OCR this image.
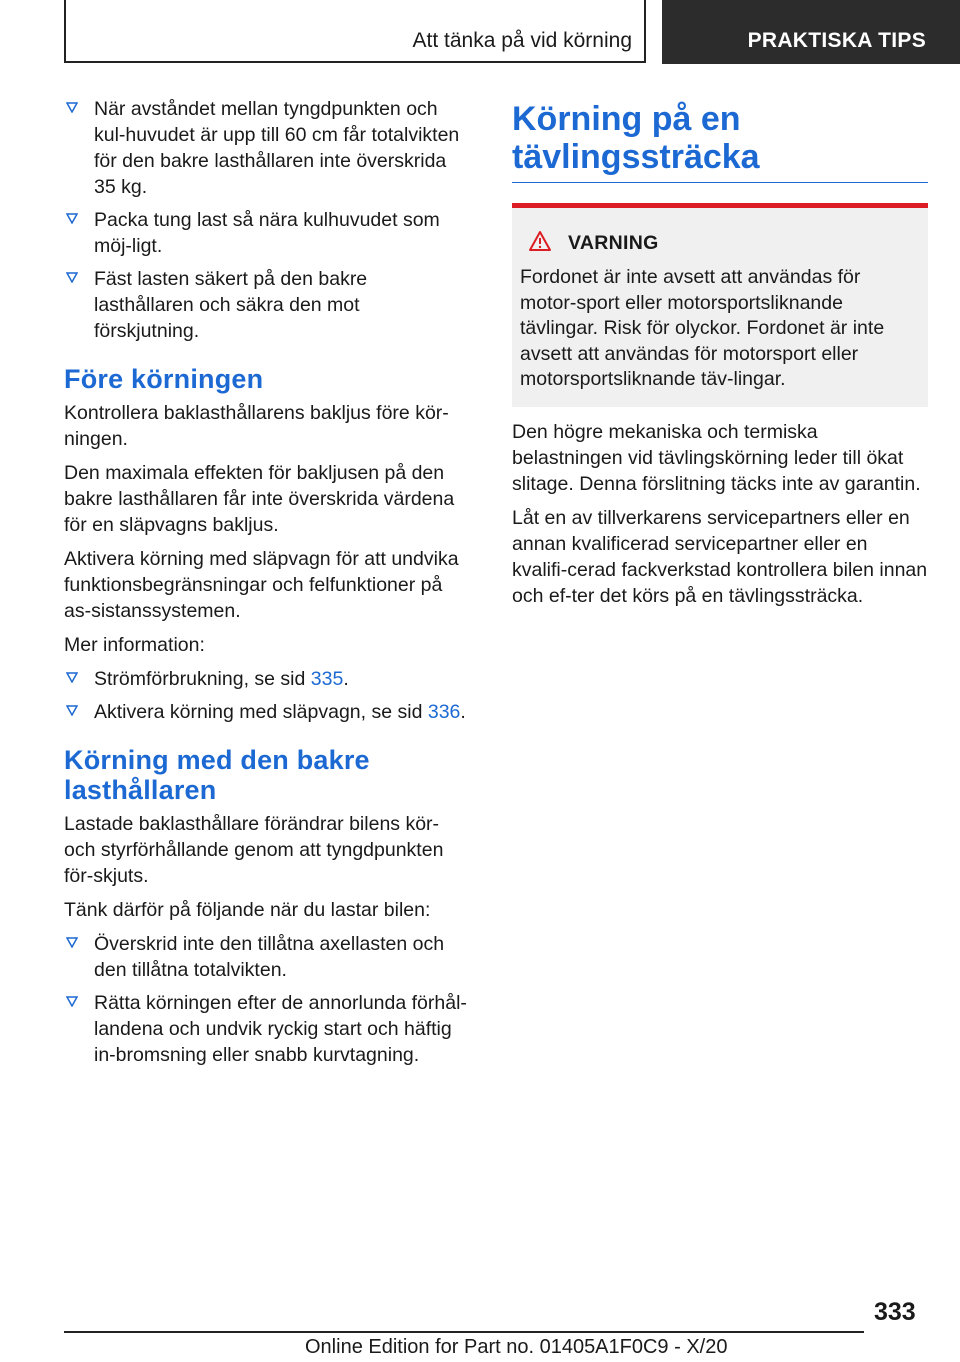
Att tänka på vid körning	PRAKTISKA TIPS
När avståndet mellan tyngdpunkten och kul-huvudet är upp till 60 cm får totalvikten för den bakre lasthållaren inte överskrida 35 kg.
Packa tung last så nära kulhuvudet som möj-ligt.
Fäst lasten säkert på den bakre lasthållaren och säkra den mot förskjutning.
Före körningen

Kontrollera baklasthållarens bakljus före kör-ningen.

Den maximala effekten för bakljusen på den bakre lasthållaren får inte överskrida värdena för en släpvagns bakljus.

Aktivera körning med släpvagn för att undvika funktionsbegränsningar och felfunktioner på as-sistanssystemen.

Mer information:

Strömförbrukning, se sid 335.
Aktivera körning med släpvagn, se sid 336.
Körning med den bakre lasthållaren

Lastade baklasthållare förändrar bilens kör- och styrförhållande genom att tyngdpunkten för-skjuts.

Tänk därför på följande när du lastar bilen:

Överskrid inte den tillåtna axellasten och den tillåtna totalvikten.
Rätta körningen efter de annorlunda förhål-landena och undvik ryckig start och häftig in-bromsning eller snabb kurvtagning.
Körning på en tävlingssträcka
VARNING

Fordonet är inte avsett att användas för motor-sport eller motorsportsliknande tävlingar. Risk för olyckor. Fordonet är inte avsett att användas för motorsport eller motorsportsliknande täv-lingar.

Den högre mekaniska och termiska belastningen vid tävlingskörning leder till ökat slitage. Denna förslitning täcks inte av garantin.

Låt en av tillverkarens servicepartners eller en annan kvalificerad servicepartner eller en kvalifi-cerad fackverkstad kontrollera bilen innan och ef-ter det körs på en tävlingssträcka.

333
Online Edition for Part no. 01405A1F0C9 - X/20
